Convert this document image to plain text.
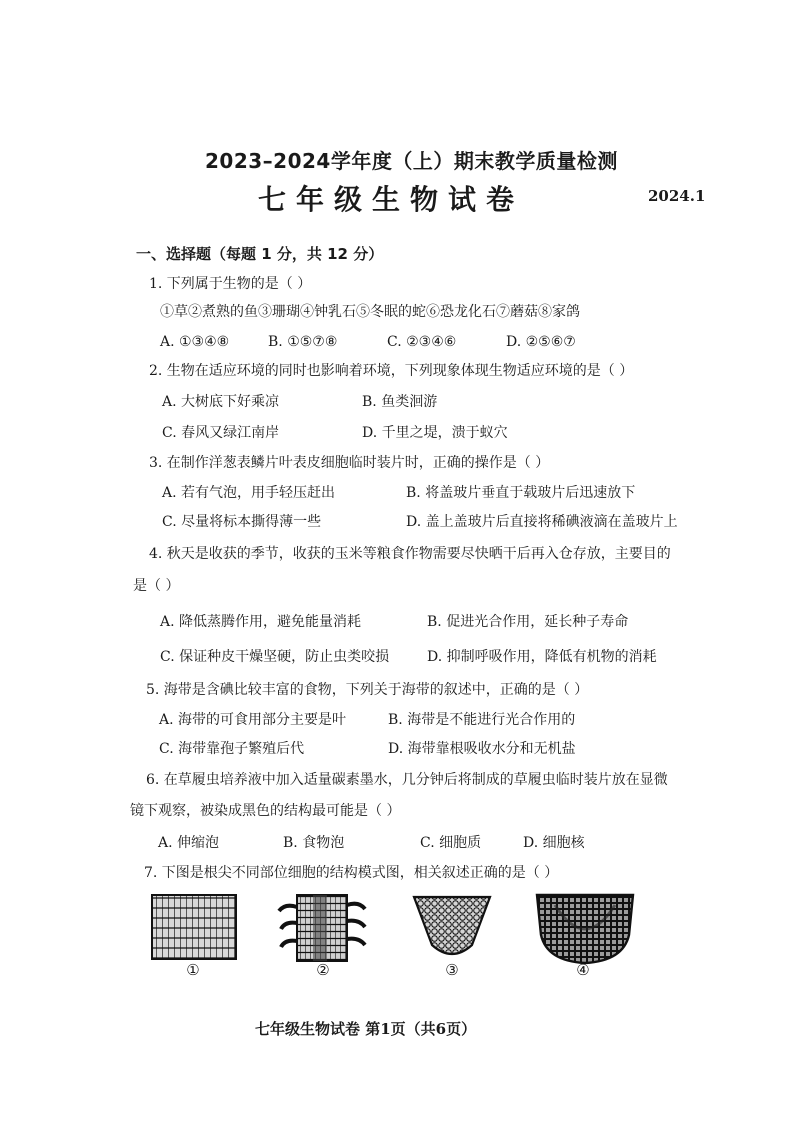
2023–2024学年度（上）期末教学质量检测
七年级生物试卷	2024.1
一、选择题（每题 1 分，共 12 分）
1. 下列属于生物的是（ ）
①草②煮熟的鱼③珊瑚④钟乳石⑤冬眠的蛇⑥恐龙化石⑦蘑菇⑧家鸽
A. ①③④⑧	B. ①⑤⑦⑧	C. ②③④⑥	D. ②⑤⑥⑦
2. 生物在适应环境的同时也影响着环境，下列现象体现生物适应环境的是（ ）
A. 大树底下好乘凉	B. 鱼类洄游
C. 春风又绿江南岸	D. 千里之堤，溃于蚁穴
3. 在制作洋葱表鳞片叶表皮细胞临时装片时，正确的操作是（ ）
A. 若有气泡，用手轻压赶出	B. 将盖玻片垂直于载玻片后迅速放下
C. 尽量将标本撕得薄一些	D. 盖上盖玻片后直接将稀碘液滴在盖玻片上
4. 秋天是收获的季节，收获的玉米等粮食作物需要尽快晒干后再入仓存放，主要目的
是（ ）
A. 降低蒸腾作用，避免能量消耗	B. 促进光合作用，延长种子寿命
C. 保证种皮干燥坚硬，防止虫类咬损	D. 抑制呼吸作用，降低有机物的消耗
5. 海带是含碘比较丰富的食物，下列关于海带的叙述中，正确的是（ ）
A. 海带的可食用部分主要是叶	B. 海带是不能进行光合作用的
C. 海带靠孢子繁殖后代	D. 海带靠根吸收水分和无机盐
6. 在草履虫培养液中加入适量碳素墨水，几分钟后将制成的草履虫临时装片放在显微
镜下观察，被染成黑色的结构最可能是（ ）
A. 伸缩泡	B. 食物泡	C. 细胞质	D. 细胞核
7. 下图是根尖不同部位细胞的结构模式图，相关叙述正确的是（ ）
①	②	③	④
七年级生物试卷 第1页（共6页）
